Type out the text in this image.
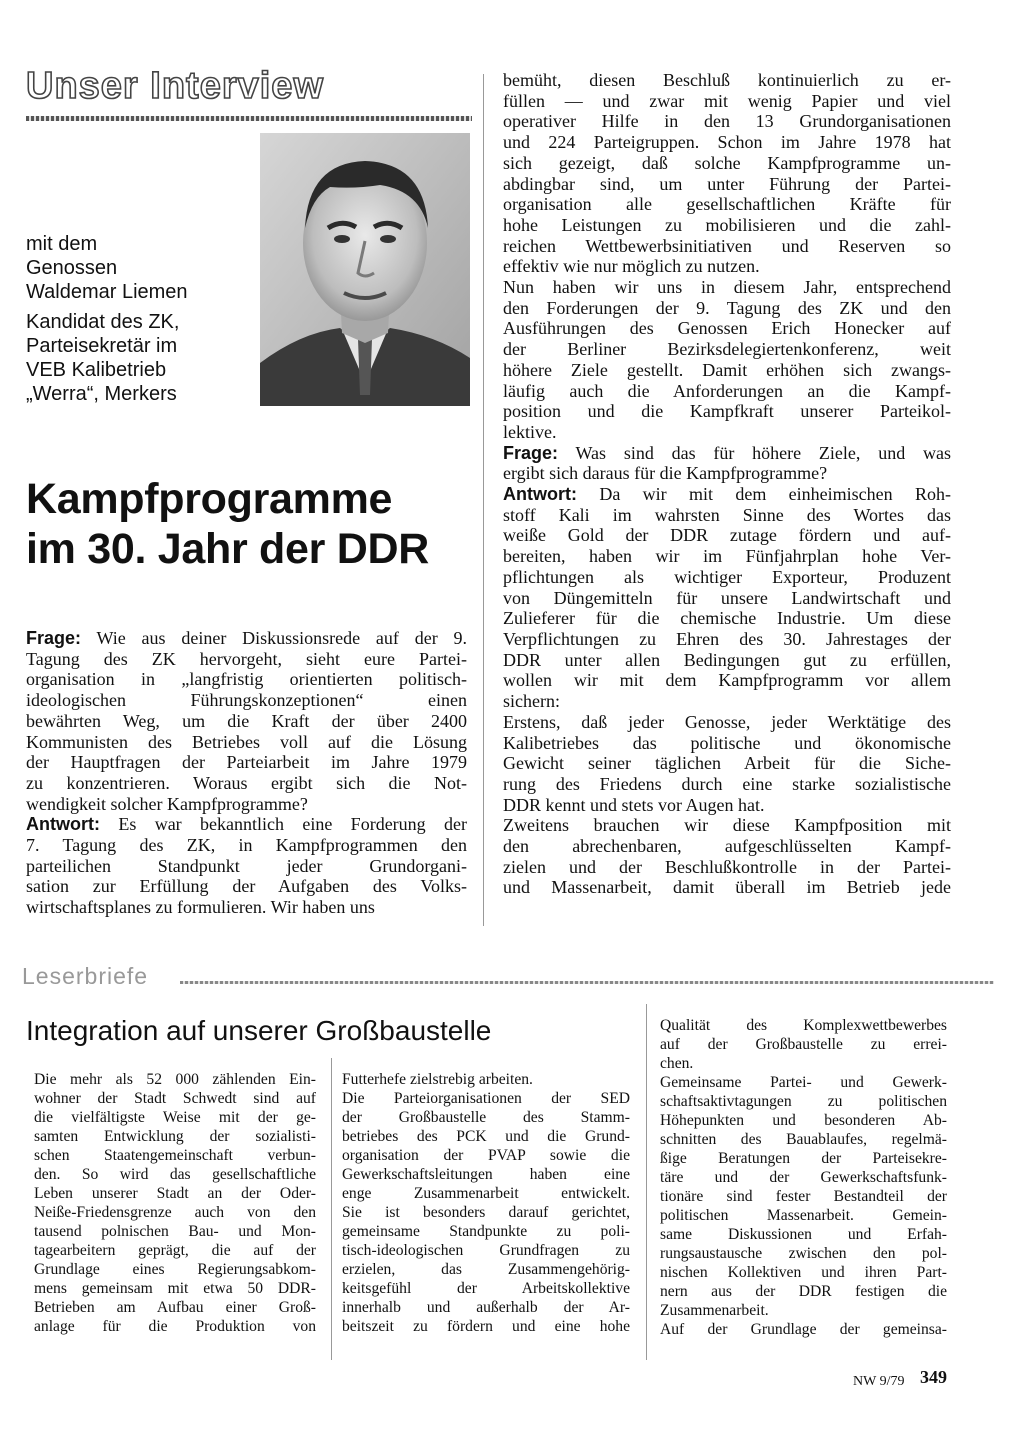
Unser Interview
mit dem
Genossen
Waldemar Liemen
Kandidat des ZK,
Parteisekretär im
VEB Kalibetrieb
„Werra“, Merkers
Kampfprogramme
im 30. Jahr der DDR

Frage: Wie aus deiner Diskussionsrede auf der 9.

Tagung des ZK hervorgeht, sieht eure Partei-

organisation in „langfristig orientierten politisch-

ideologischen Führungskonzeptionen“ einen

bewährten Weg, um die Kraft der über 2400

Kommunisten des Betriebes voll auf die Lösung

der Hauptfragen der Parteiarbeit im Jahre 1979

zu konzentrieren. Woraus ergibt sich die Not-

wendigkeit solcher Kampfprogramme?

Antwort: Es war bekanntlich eine Forderung der

7. Tagung des ZK, in Kampfprogrammen den

parteilichen Standpunkt jeder Grundorgani-

sation zur Erfüllung der Aufgaben des Volks-

wirtschaftsplanes zu formulieren. Wir haben uns

bemüht, diesen Beschluß kontinuierlich zu er-

füllen — und zwar mit wenig Papier und viel

operativer Hilfe in den 13 Grundorganisationen

und 224 Parteigruppen. Schon im Jahre 1978 hat

sich gezeigt, daß solche Kampfprogramme un-

abdingbar sind, um unter Führung der Partei-

organisation alle gesellschaftlichen Kräfte für

hohe Leistungen zu mobilisieren und die zahl-

reichen Wettbewerbsinitiativen und Reserven so

effektiv wie nur möglich zu nutzen.

Nun haben wir uns in diesem Jahr, entsprechend

den Forderungen der 9. Tagung des ZK und den

Ausführungen des Genossen Erich Honecker auf

der Berliner Bezirksdelegiertenkonferenz, weit

höhere Ziele gestellt. Damit erhöhen sich zwangs-

läufig auch die Anforderungen an die Kampf-

position und die Kampfkraft unserer Parteikol-

lektive.

Frage: Was sind das für höhere Ziele, und was

ergibt sich daraus für die Kampfprogramme?

Antwort: Da wir mit dem einheimischen Roh-

stoff Kali im wahrsten Sinne des Wortes das

weiße Gold der DDR zutage fördern und auf-

bereiten, haben wir im Fünfjahrplan hohe Ver-

pflichtungen als wichtiger Exporteur, Produzent

von Düngemitteln für unsere Landwirtschaft und

Zulieferer für die chemische Industrie. Um diese

Verpflichtungen zu Ehren des 30. Jahrestages der

DDR unter allen Bedingungen gut zu erfüllen,

wollen wir mit dem Kampfprogramm vor allem

sichern:

Erstens, daß jeder Genosse, jeder Werktätige des

Kalibetriebes das politische und ökonomische

Gewicht seiner täglichen Arbeit für die Siche-

rung des Friedens durch eine starke sozialistische

DDR kennt und stets vor Augen hat.

Zweitens brauchen wir diese Kampfposition mit

den abrechenbaren, aufgeschlüsselten Kampf-

zielen und der Beschlußkontrolle in der Partei-

und Massenarbeit, damit überall im Betrieb jede

Leserbriefe
Integration auf unserer Großbaustelle

Die mehr als 52 000 zählenden Ein-

wohner der Stadt Schwedt sind auf

die vielfältigste Weise mit der ge-

samten Entwicklung der sozialisti-

schen Staatengemeinschaft verbun-

den. So wird das gesellschaftliche

Leben unserer Stadt an der Oder-

Neiße-Friedensgrenze auch von den

tausend polnischen Bau- und Mon-

tagearbeitern geprägt, die auf der

Grundlage eines Regierungsabkom-

mens gemeinsam mit etwa 50 DDR-

Betrieben am Aufbau einer Groß-

anlage für die Produktion von

Futterhefe zielstrebig arbeiten.

Die Parteiorganisationen der SED

der Großbaustelle des Stamm-

betriebes des PCK und die Grund-

organisation der PVAP sowie die

Gewerkschaftsleitungen haben eine

enge Zusammenarbeit entwickelt.

Sie ist besonders darauf gerichtet,

gemeinsame Standpunkte zu poli-

tisch-ideologischen Grundfragen zu

erzielen, das Zusammengehörig-

keitsgefühl der Arbeitskollektive

innerhalb und außerhalb der Ar-

beitszeit zu fördern und eine hohe

Qualität des Komplexwettbewerbes

auf der Großbaustelle zu errei-

chen.

Gemeinsame Partei- und Gewerk-

schaftsaktivtagungen zu politischen

Höhepunkten und besonderen Ab-

schnitten des Bauablaufes, regelmä-

ßige Beratungen der Parteisekre-

täre und der Gewerkschaftsfunk-

tionäre sind fester Bestandteil der

politischen Massenarbeit. Gemein-

same Diskussionen und Erfah-

rungsaustausche zwischen den pol-

nischen Kollektiven und ihren Part-

nern aus der DDR festigen die

Zusammenarbeit.

Auf der Grundlage der gemeinsa-

NW 9/79 349
